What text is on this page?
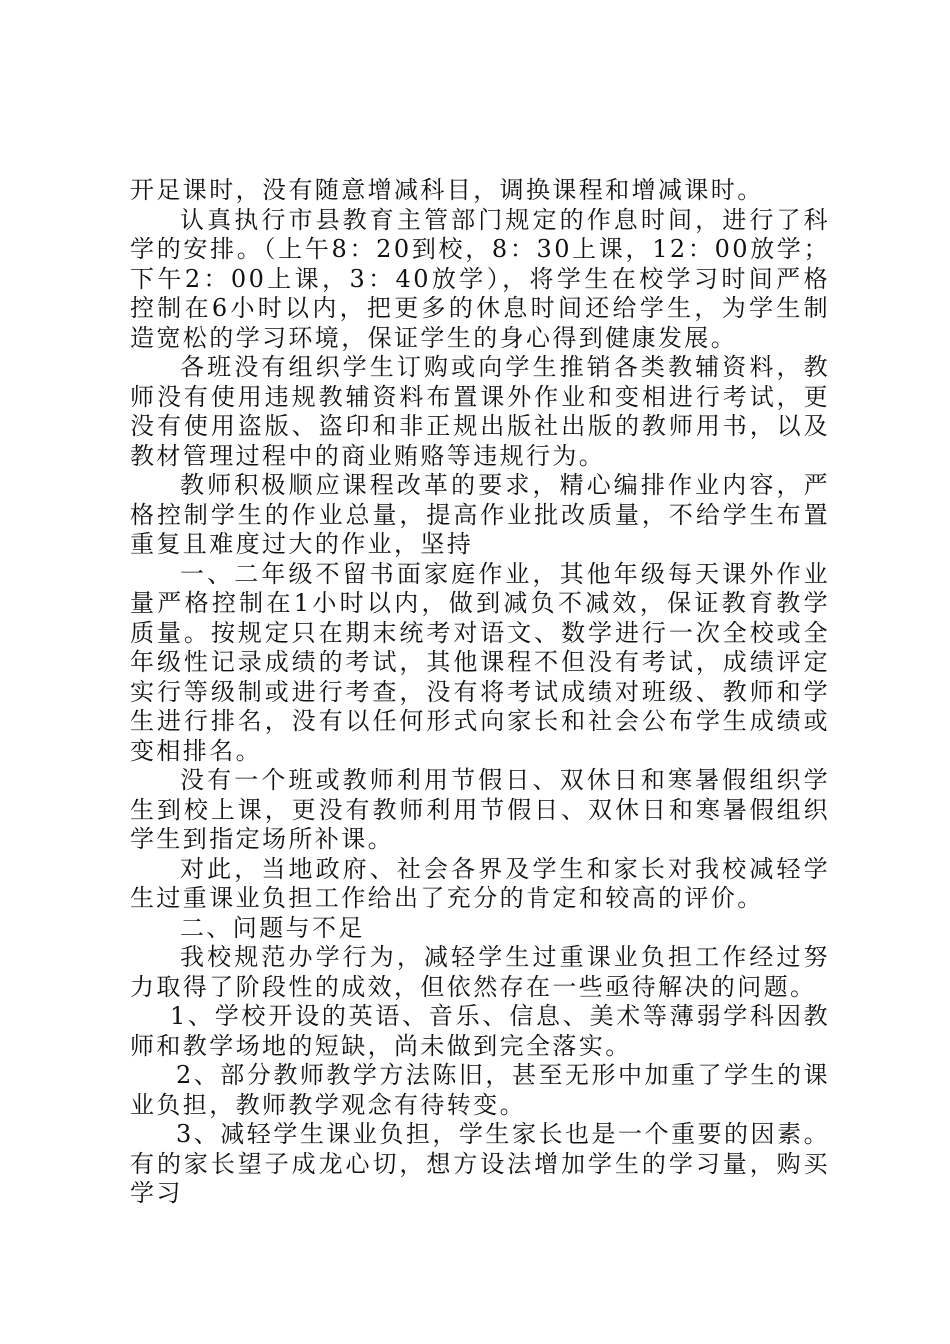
开足课时，没有随意增减科目，调换课程和增减课时。

认真执行市县教育主管部门规定的作息时间，进行了科学的安排。（上午8：20到校，8：30上课，12：00放学；下午2：00上课，3：40放学），将学生在校学习时间严格控制在6小时以内，把更多的休息时间还给学生，为学生制造宽松的学习环境，保证学生的身心得到健康发展。

各班没有组织学生订购或向学生推销各类教辅资料，教师没有使用违规教辅资料布置课外作业和变相进行考试，更没有使用盗版、盗印和非正规出版社出版的教师用书，以及教材管理过程中的商业贿赂等违规行为。

教师积极顺应课程改革的要求，精心编排作业内容，严格控制学生的作业总量，提高作业批改质量，不给学生布置重复且难度过大的作业，坚持

一、二年级不留书面家庭作业，其他年级每天课外作业量严格控制在1小时以内，做到减负不减效，保证教育教学质量。按规定只在期末统考对语文、数学进行一次全校或全年级性记录成绩的考试，其他课程不但没有考试，成绩评定实行等级制或进行考查，没有将考试成绩对班级、教师和学生进行排名，没有以任何形式向家长和社会公布学生成绩或变相排名。

没有一个班或教师利用节假日、双休日和寒暑假组织学生到校上课，更没有教师利用节假日、双休日和寒暑假组织学生到指定场所补课。

对此，当地政府、社会各界及学生和家长对我校减轻学生过重课业负担工作给出了充分的肯定和较高的评价。

二、问题与不足

我校规范办学行为，减轻学生过重课业负担工作经过努力取得了阶段性的成效，但依然存在一些亟待解决的问题。

1、学校开设的英语、音乐、信息、美术等薄弱学科因教师和教学场地的短缺，尚未做到完全落实。

2、部分教师教学方法陈旧，甚至无形中加重了学生的课业负担，教师教学观念有待转变。

3、减轻学生课业负担，学生家长也是一个重要的因素。有的家长望子成龙心切，想方设法增加学生的学习量，购买学习
